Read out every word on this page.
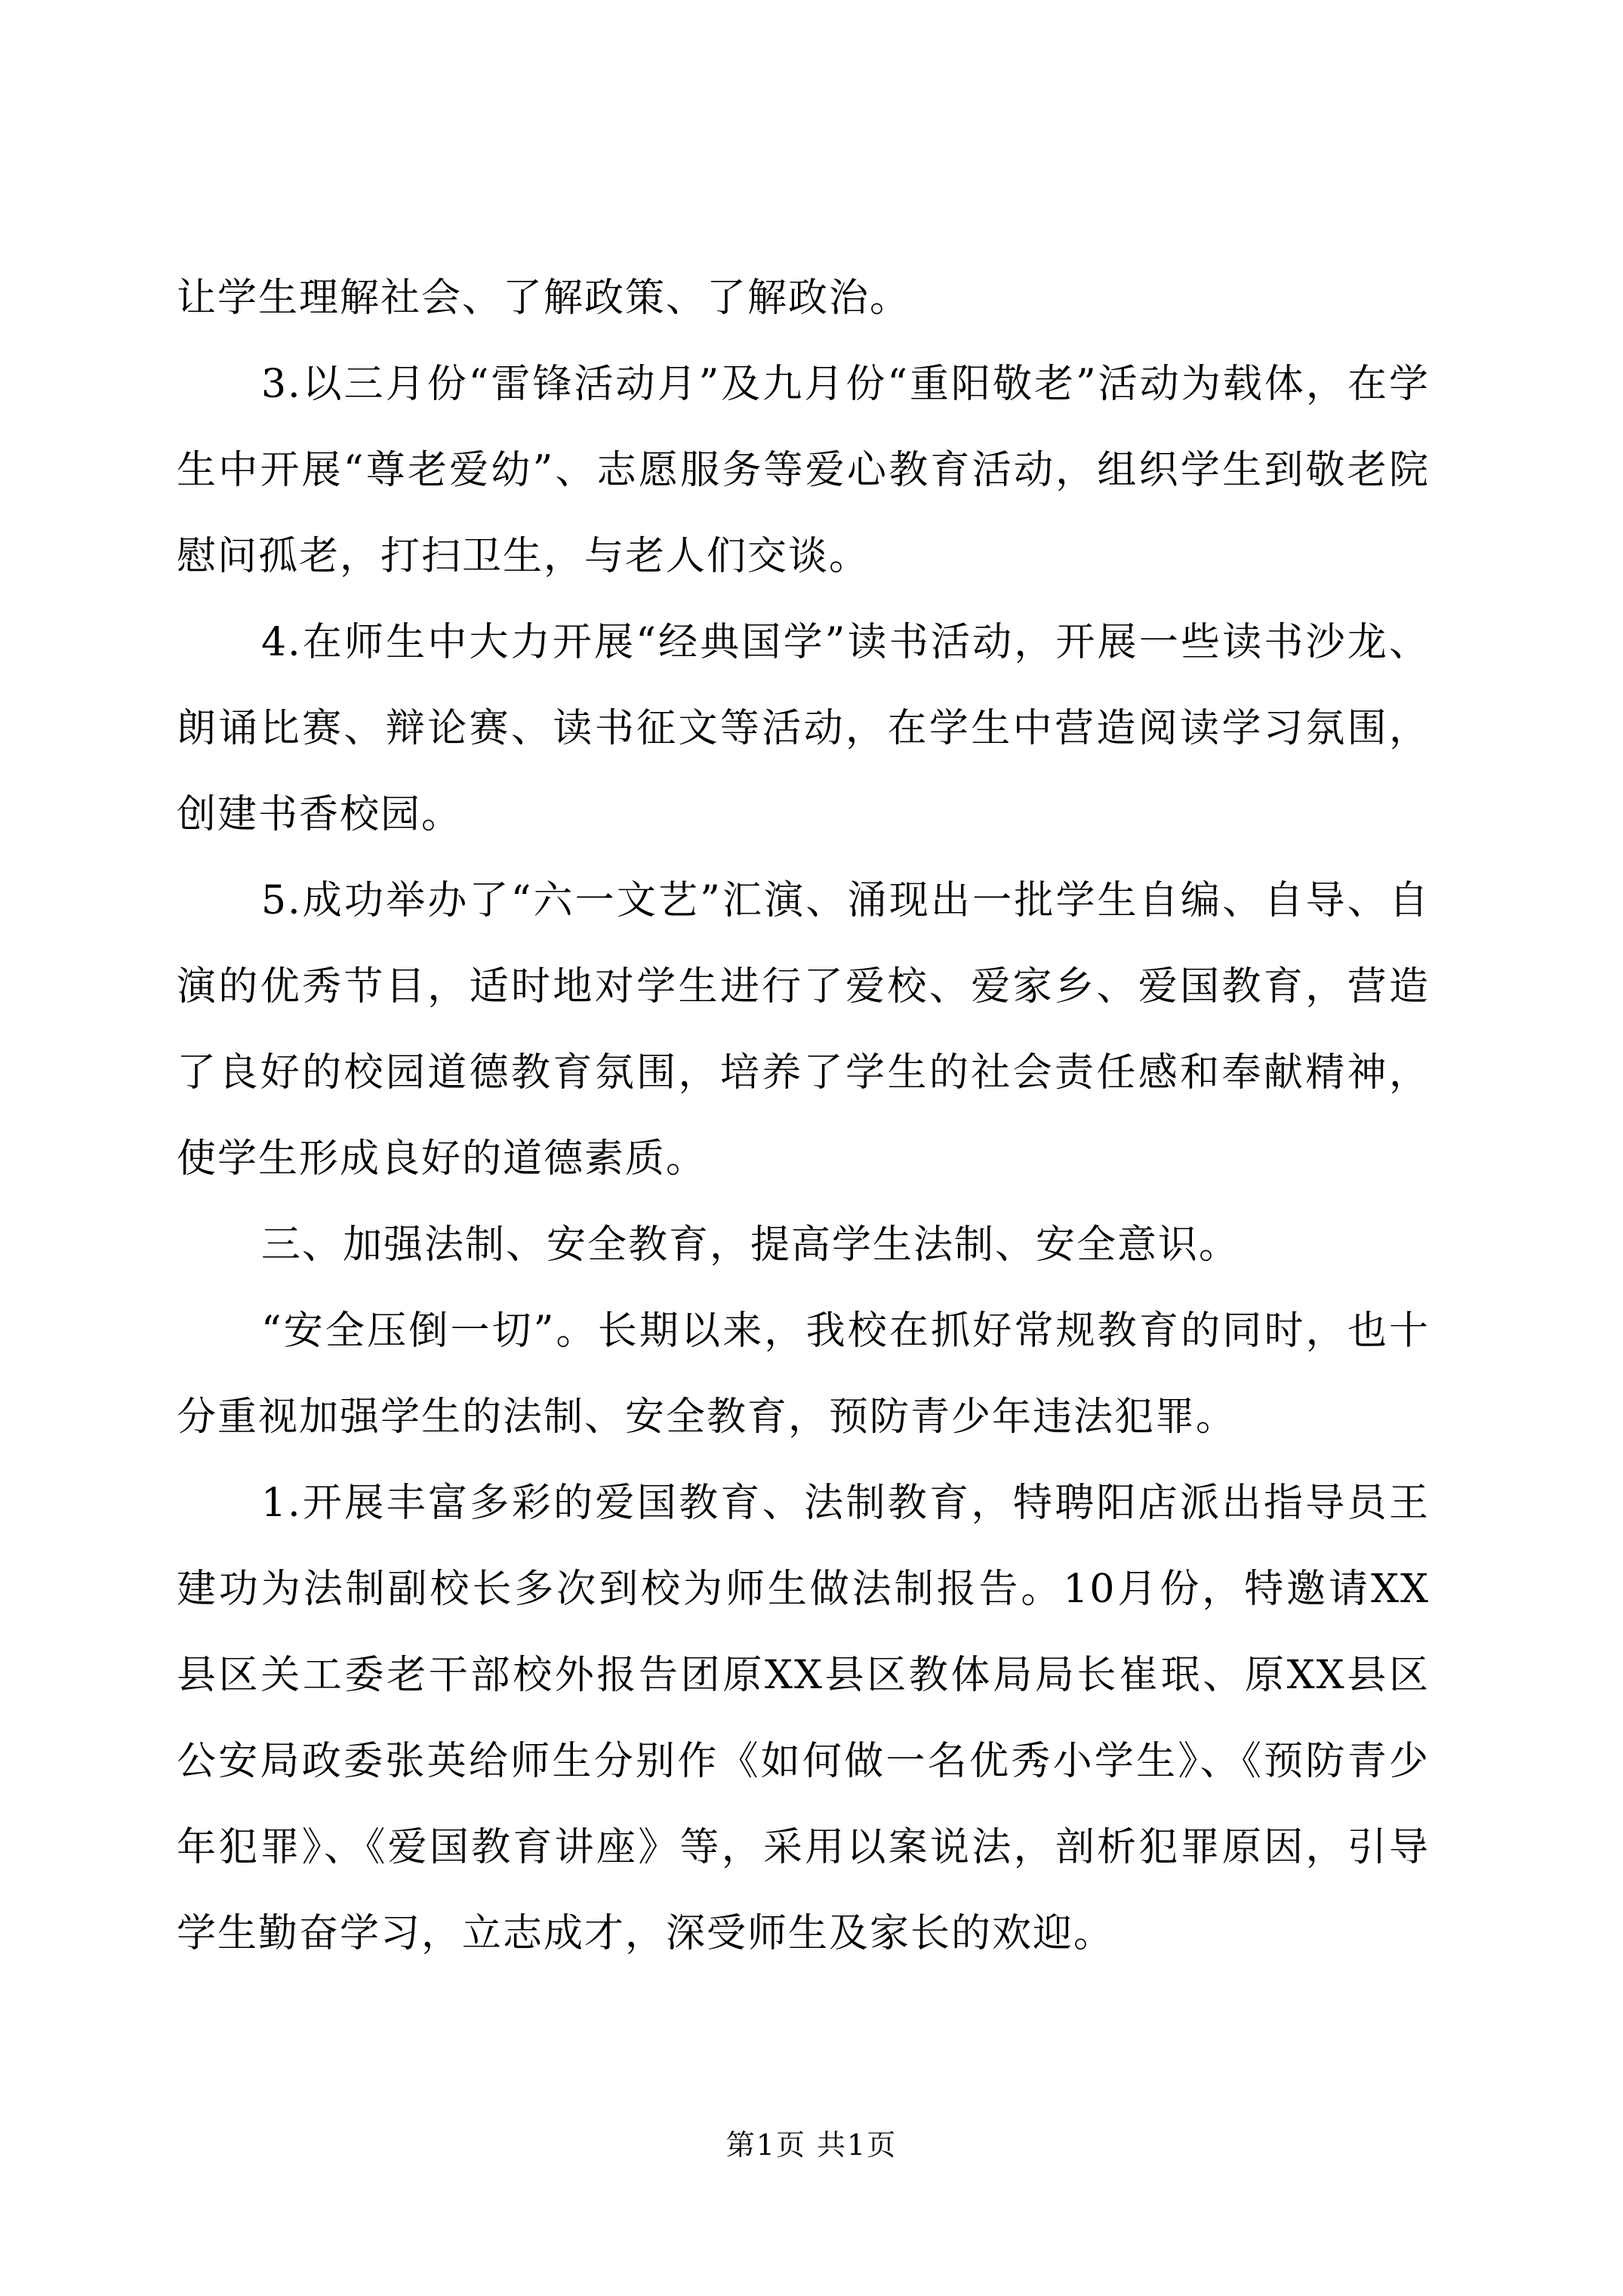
让学生理解社会、了解政策、了解政治。

3.以三月份“雷锋活动月”及九月份“重阳敬老”活动为载体，在学生中开展“尊老爱幼”、志愿服务等爱心教育活动，组织学生到敬老院慰问孤老，打扫卫生，与老人们交谈。

4.在师生中大力开展“经典国学”读书活动，开展一些读书沙龙、朗诵比赛、辩论赛、读书征文等活动，在学生中营造阅读学习氛围，创建书香校园。

5.成功举办了“六一文艺”汇演、涌现出一批学生自编、自导、自演的优秀节目，适时地对学生进行了爱校、爱家乡、爱国教育，营造了良好的校园道德教育氛围，培养了学生的社会责任感和奉献精神，使学生形成良好的道德素质。

三、加强法制、安全教育，提高学生法制、安全意识。

“安全压倒一切”。长期以来，我校在抓好常规教育的同时，也十分重视加强学生的法制、安全教育，预防青少年违法犯罪。

1.开展丰富多彩的爱国教育、法制教育，特聘阳店派出指导员王建功为法制副校长多次到校为师生做法制报告。10月份，特邀请XX县区关工委老干部校外报告团原XX县区教体局局长崔珉、原XX县区公安局政委张英给师生分别作《如何做一名优秀小学生》、《预防青少年犯罪》、《爱国教育讲座》等，采用以案说法，剖析犯罪原因，引导学生勤奋学习，立志成才，深受师生及家长的欢迎。

第1页 共1页
